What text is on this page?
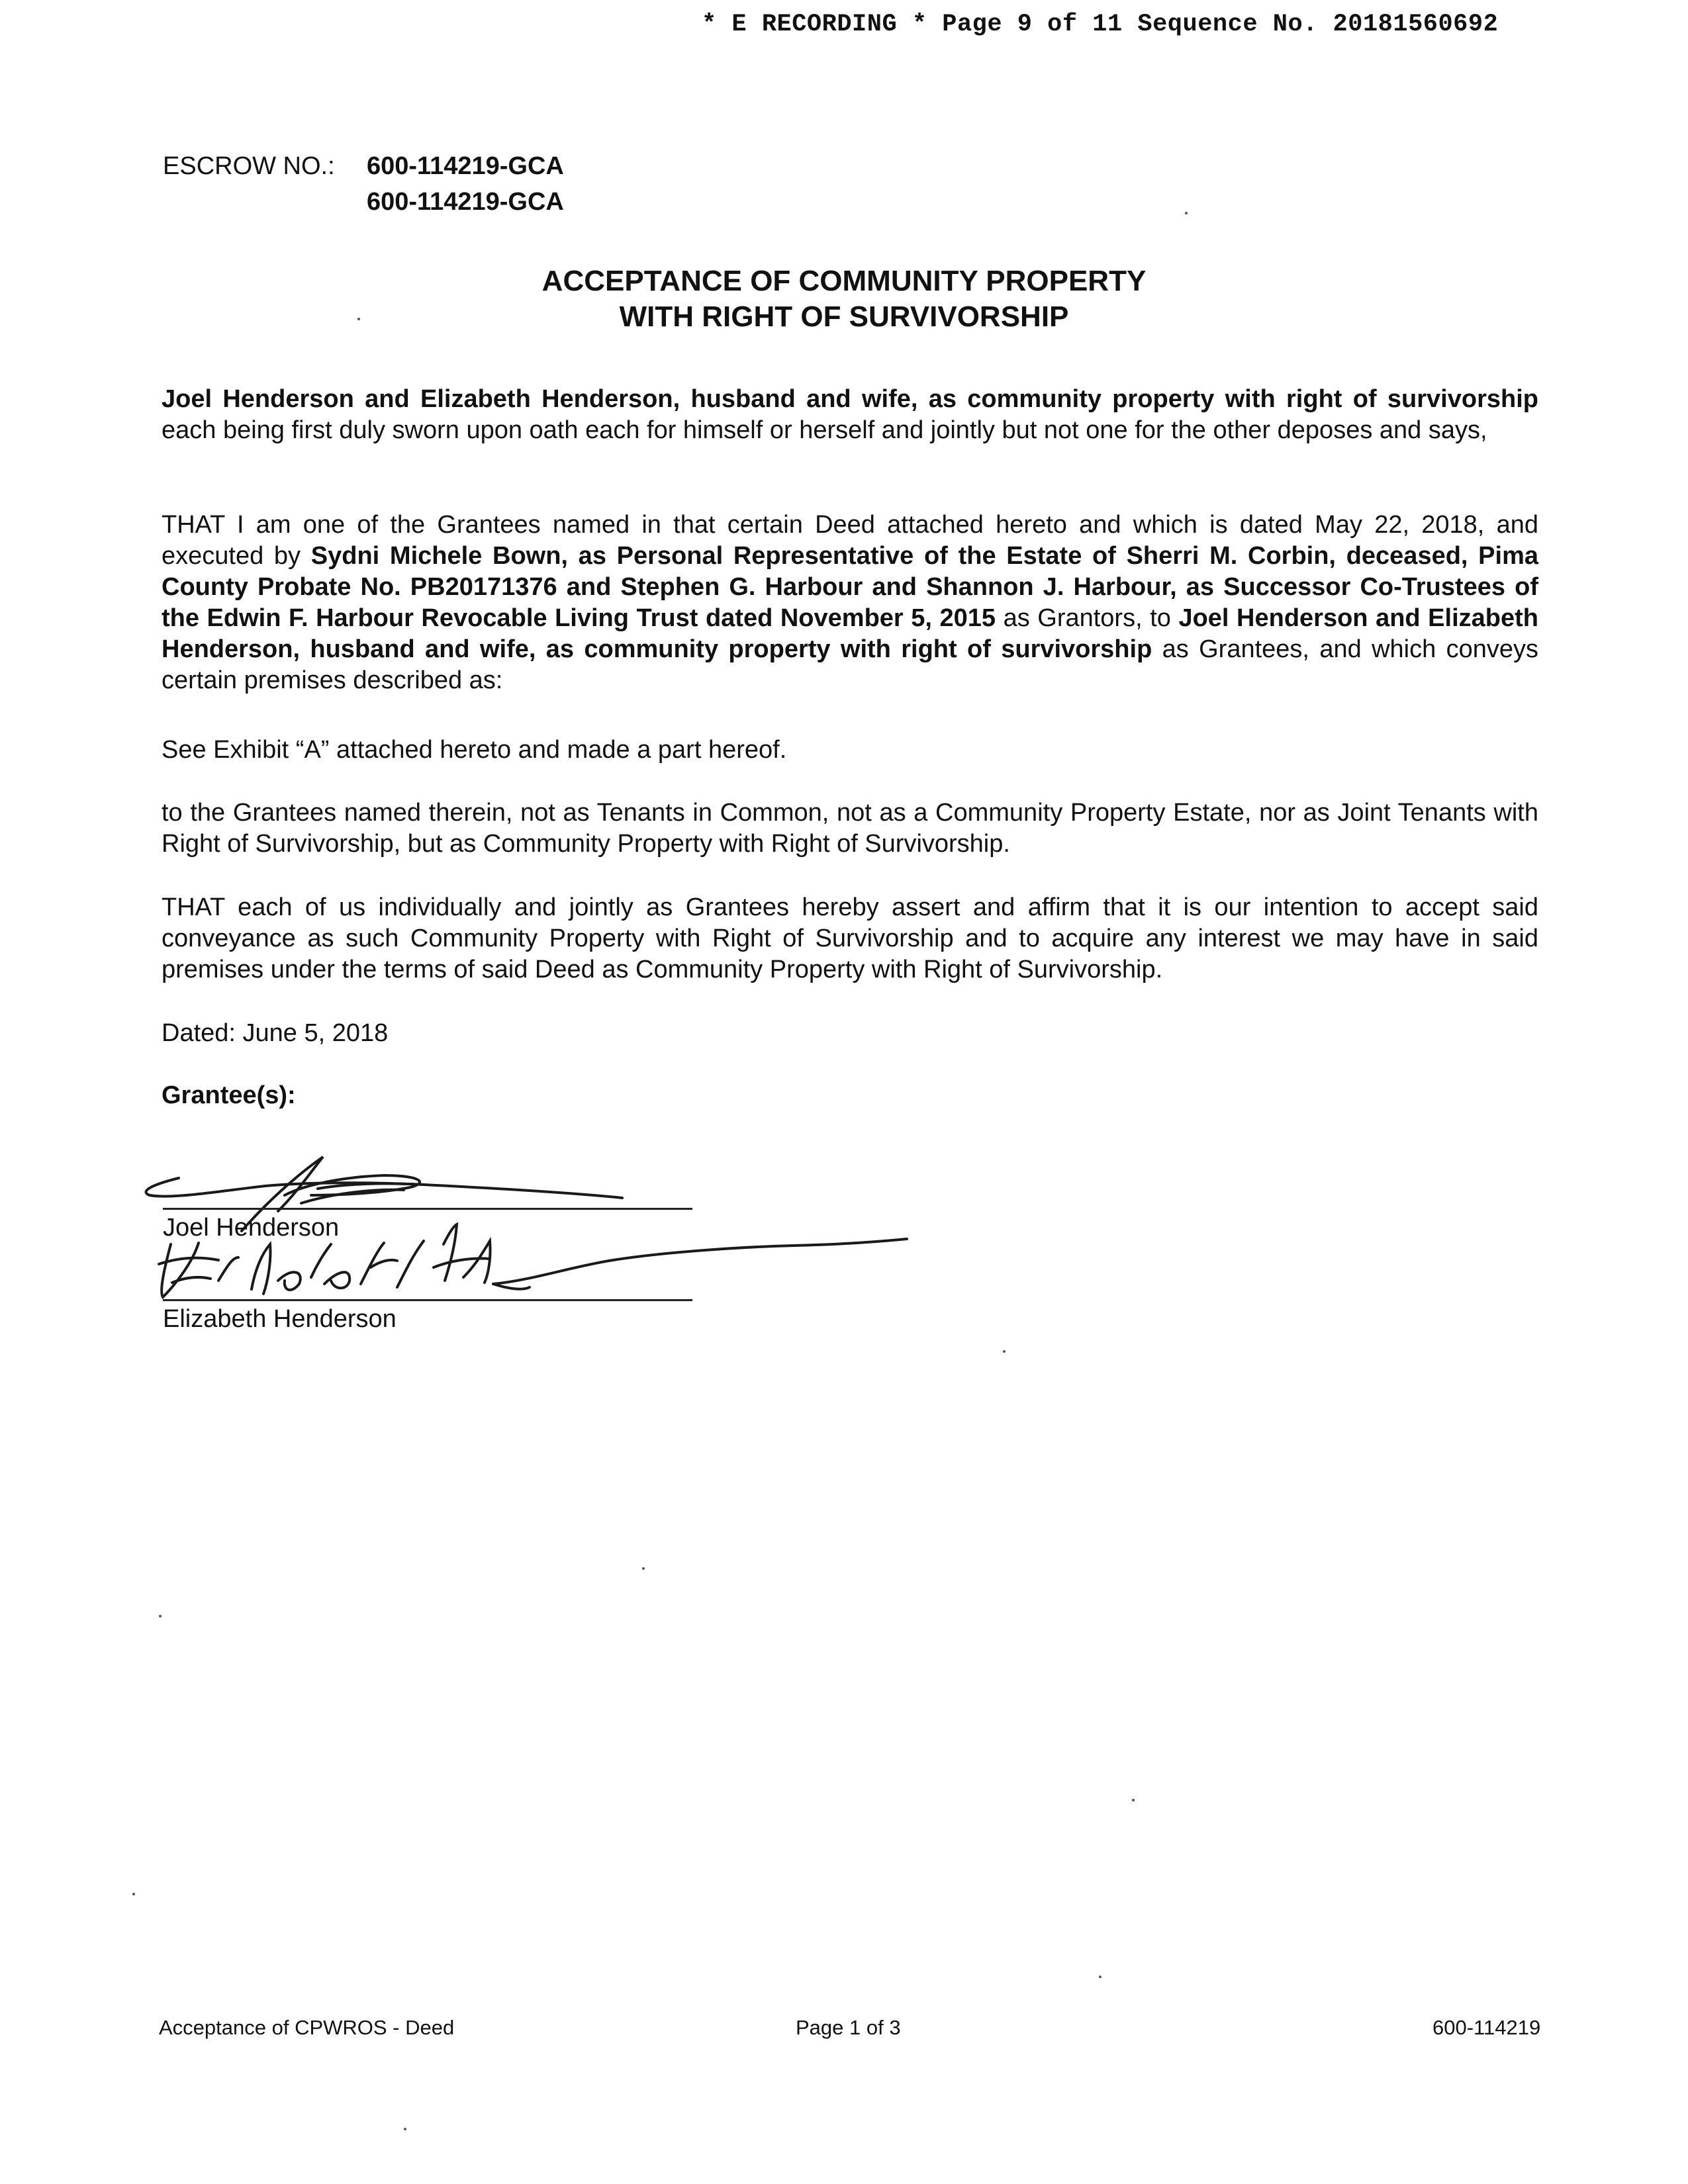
* E RECORDING * Page 9 of 11 Sequence No. 20181560692
ESCROW NO.: 600-114219-GCA
600-114219-GCA
ACCEPTANCE OF COMMUNITY PROPERTY
WITH RIGHT OF SURVIVORSHIP
Joel Henderson and Elizabeth Henderson, husband and wife, as community property with right of survivorship each being first duly sworn upon oath each for himself or herself and jointly but not one for the other deposes and says,
THAT I am one of the Grantees named in that certain Deed attached hereto and which is dated May 22, 2018, and executed by Sydni Michele Bown, as Personal Representative of the Estate of Sherri M. Corbin, deceased, Pima County Probate No. PB20171376 and Stephen G. Harbour and Shannon J. Harbour, as Successor Co-Trustees of the Edwin F. Harbour Revocable Living Trust dated November 5, 2015 as Grantors, to Joel Henderson and Elizabeth Henderson, husband and wife, as community property with right of survivorship as Grantees, and which conveys certain premises described as:
See Exhibit “A” attached hereto and made a part hereof.
to the Grantees named therein, not as Tenants in Common, not as a Community Property Estate, nor as Joint Tenants with Right of Survivorship, but as Community Property with Right of Survivorship.
THAT each of us individually and jointly as Grantees hereby assert and affirm that it is our intention to accept said conveyance as such Community Property with Right of Survivorship and to acquire any interest we may have in said premises under the terms of said Deed as Community Property with Right of Survivorship.
Dated: June 5, 2018
Grantee(s):
Joel Henderson
Elizabeth Henderson
Acceptance of CPWROS - Deed	Page 1 of 3	600-114219
